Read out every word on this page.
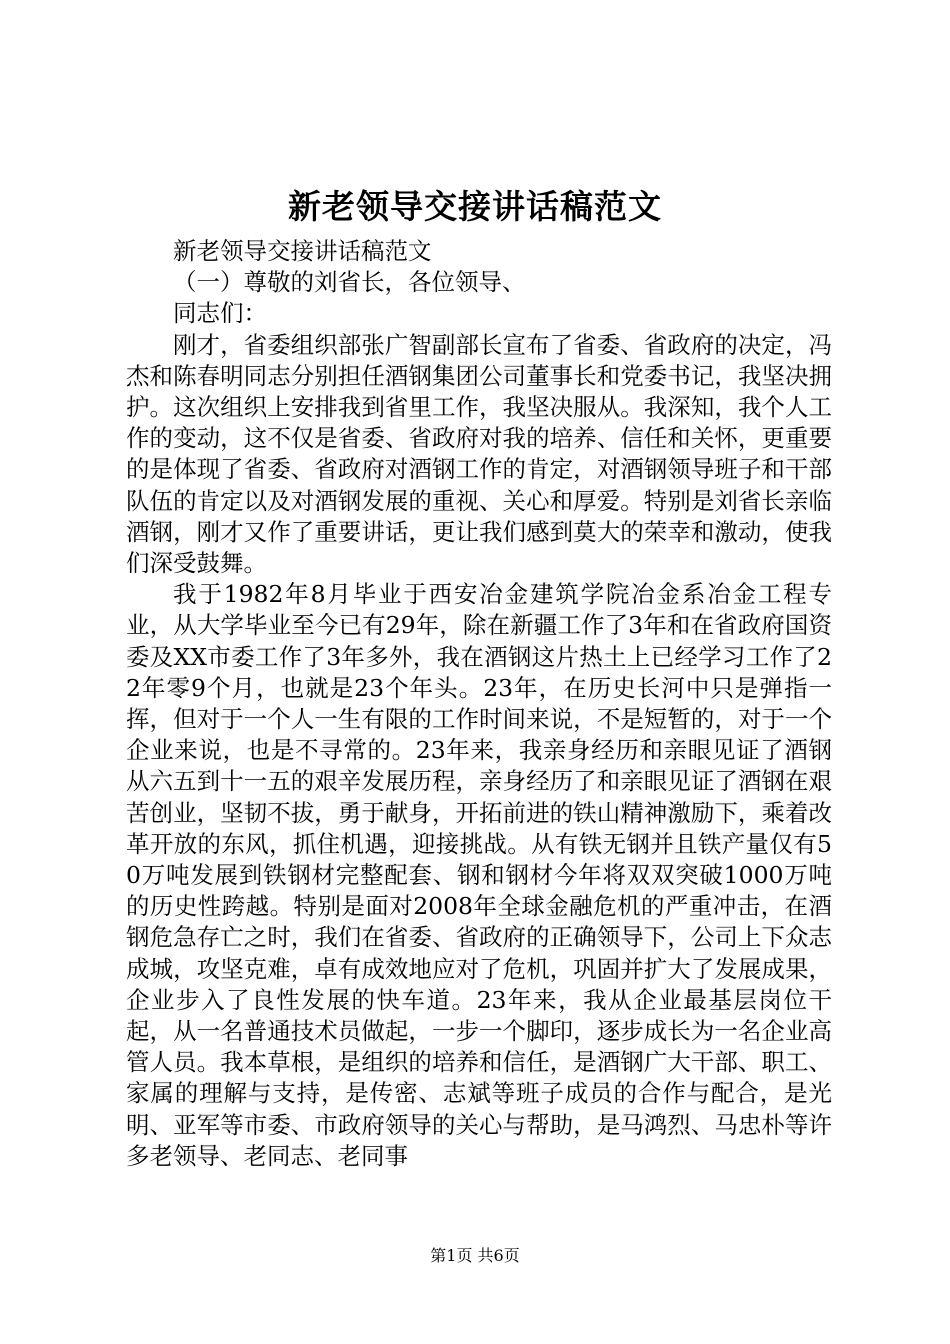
新老领导交接讲话稿范文

新老领导交接讲话稿范文

（一）尊敬的刘省长，各位领导、

同志们：

刚才，省委组织部张广智副部长宣布了省委、省政府的决定，冯杰和陈春明同志分别担任酒钢集团公司董事长和党委书记，我坚决拥护。这次组织上安排我到省里工作，我坚决服从。我深知，我个人工作的变动，这不仅是省委、省政府对我的培养、信任和关怀，更重要的是体现了省委、省政府对酒钢工作的肯定，对酒钢领导班子和干部队伍的肯定以及对酒钢发展的重视、关心和厚爱。特别是刘省长亲临酒钢，刚才又作了重要讲话，更让我们感到莫大的荣幸和激动，使我们深受鼓舞。

我于1982年8月毕业于西安冶金建筑学院冶金系冶金工程专业，从大学毕业至今已有29年，除在新疆工作了3年和在省政府国资委及XX市委工作了3年多外，我在酒钢这片热土上已经学习工作了22年零9个月，也就是23个年头。23年，在历史长河中只是弹指一挥，但对于一个人一生有限的工作时间来说，不是短暂的，对于一个企业来说，也是不寻常的。23年来，我亲身经历和亲眼见证了酒钢从六五到十一五的艰辛发展历程，亲身经历了和亲眼见证了酒钢在艰苦创业，坚韧不拔，勇于献身，开拓前进的铁山精神激励下，乘着改革开放的东风，抓住机遇，迎接挑战。从有铁无钢并且铁产量仅有50万吨发展到铁钢材完整配套、钢和钢材今年将双双突破1000万吨的历史性跨越。特别是面对2008年全球金融危机的严重冲击，在酒钢危急存亡之时，我们在省委、省政府的正确领导下，公司上下众志成城，攻坚克难，卓有成效地应对了危机，巩固并扩大了发展成果，企业步入了良性发展的快车道。23年来，我从企业最基层岗位干起，从一名普通技术员做起，一步一个脚印，逐步成长为一名企业高管人员。我本草根，是组织的培养和信任，是酒钢广大干部、职工、家属的理解与支持，是传密、志斌等班子成员的合作与配合，是光明、亚军等市委、市政府领导的关心与帮助，是马鸿烈、马忠朴等许多老领导、老同志、老同事

第1页 共6页
